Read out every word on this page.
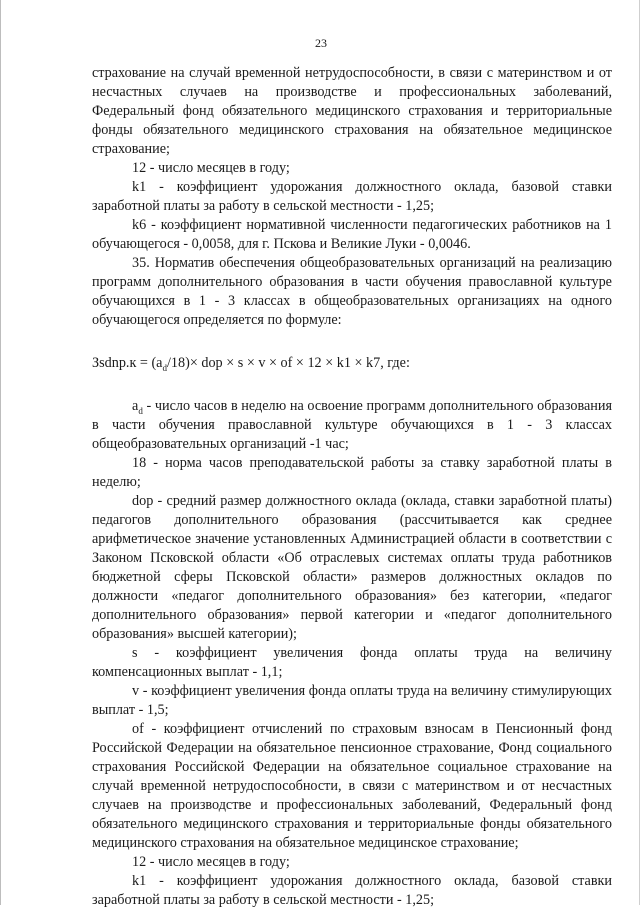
23

страхование на случай временной нетрудоспособности, в связи с материнством и от несчастных случаев на производстве и профессиональных заболеваний, Федеральный фонд обязательного медицинского страхования и территориальные фонды обязательного медицинского страхования на обязательное медицинское страхование;

12 - число месяцев в году;

k1 - коэффициент удорожания должностного оклада, базовой ставки заработной платы за работу в сельской местности - 1,25;

k6 - коэффициент нормативной численности педагогических работников на 1 обучающегося - 0,0058, для г. Пскова и Великие Луки - 0,0046.

35. Норматив обеспечения общеобразовательных организаций на реализацию программ дополнительного образования в части обучения православной культуре обучающихся в 1 - 3 классах в общеобразовательных организациях на одного обучающегося определяется по формуле:

Зsdnp.к = $(a_d/18)\times$ dop × s × v × of × 12 × k1 × k7, где:

$a_d$ - число часов в неделю на освоение программ дополнительного образования в части обучения православной культуре обучающихся в 1 - 3 классах общеобразовательных организаций -1 час;

18 - норма часов преподавательской работы за ставку заработной платы в неделю;

dop - средний размер должностного оклада (оклада, ставки заработной платы) педагогов дополнительного образования (рассчитывается как среднее арифметическое значение установленных Администрацией области в соответствии с Законом Псковской области «Об отраслевых системах оплаты труда работников бюджетной сферы Псковской области» размеров должностных окладов по должности «педагог дополнительного образования» без категории, «педагог дополнительного образования» первой категории и «педагог дополнительного образования» высшей категории);

s - коэффициент увеличения фонда оплаты труда на величину компенсационных выплат - 1,1;

v - коэффициент увеличения фонда оплаты труда на величину стимулирующих выплат - 1,5;

of - коэффициент отчислений по страховым взносам в Пенсионный фонд Российской Федерации на обязательное пенсионное страхование, Фонд социального страхования Российской Федерации на обязательное социальное страхование на случай временной нетрудоспособности, в связи с материнством и от несчастных случаев на производстве и профессиональных заболеваний, Федеральный фонд обязательного медицинского страхования и территориальные фонды обязательного медицинского страхования на обязательное медицинское страхование;

12 - число месяцев в году;

k1 - коэффициент удорожания должностного оклада, базовой ставки заработной платы за работу в сельской местности - 1,25;
